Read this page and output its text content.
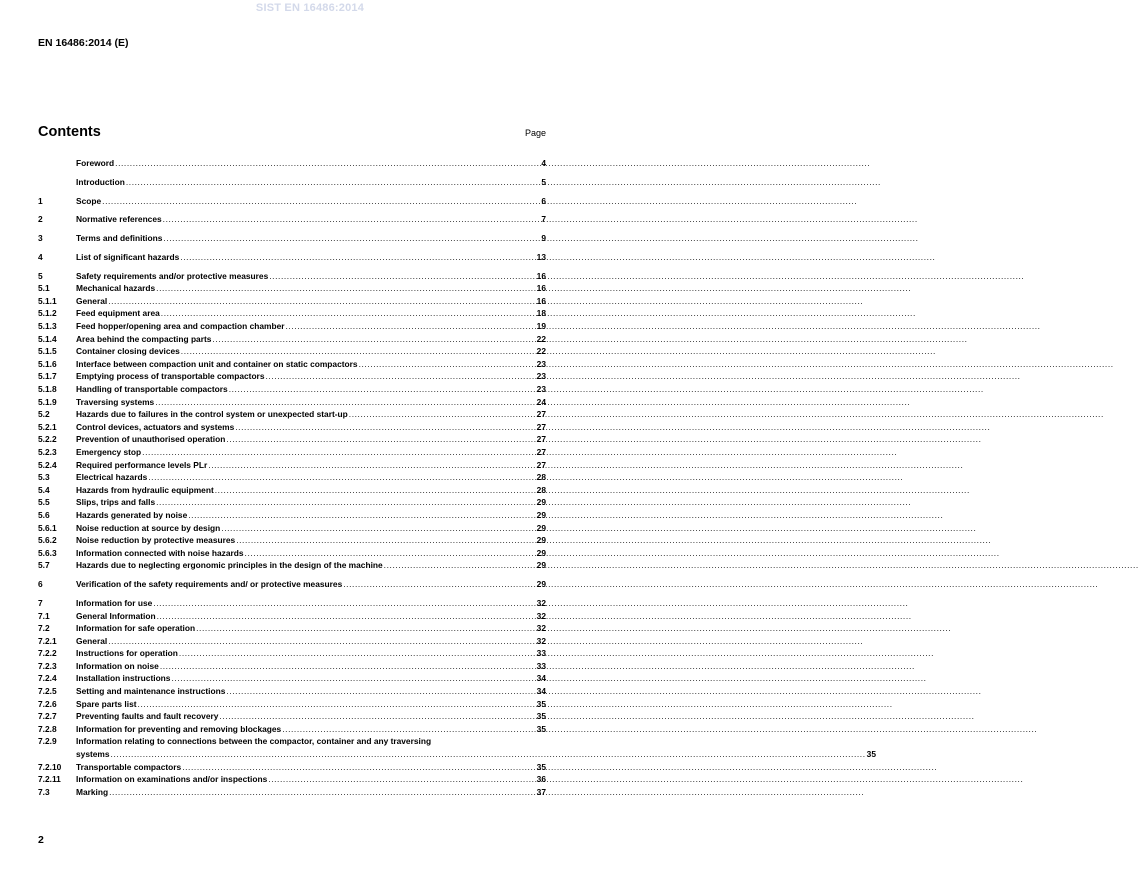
SIST EN 16486:2014
EN 16486:2014 (E)
Contents	Page
Foreword .....	4
Introduction .....	5
1	Scope .....	6
2	Normative references .....	7
3	Terms and definitions .....	9
4	List of significant hazards .....	13
5	Safety requirements and/or protective measures .....	16
5.1	Mechanical hazards .....	16
5.1.1	General .....	16
5.1.2	Feed equipment area .....	18
5.1.3	Feed hopper/opening area and compaction chamber .....	19
5.1.4	Area behind the compacting parts .....	22
5.1.5	Container closing devices .....	22
5.1.6	Interface between compaction unit and container on static compactors .....	23
5.1.7	Emptying process of transportable compactors .....	23
5.1.8	Handling of transportable compactors .....	23
5.1.9	Traversing systems .....	24
5.2	Hazards due to failures in the control system or unexpected start-up .....	27
5.2.1	Control devices, actuators and systems .....	27
5.2.2	Prevention of unauthorised operation .....	27
5.2.3	Emergency stop .....	27
5.2.4	Required performance levels PLr .....	27
5.3	Electrical hazards .....	28
5.4	Hazards from hydraulic equipment .....	28
5.5	Slips, trips and falls .....	29
5.6	Hazards generated by noise .....	29
5.6.1	Noise reduction at source by design .....	29
5.6.2	Noise reduction by protective measures .....	29
5.6.3	Information connected with noise hazards .....	29
5.7	Hazards due to neglecting ergonomic principles in the design of the machine .....	29
6	Verification of the safety requirements and/ or protective measures .....	29
7	Information for use .....	32
7.1	General Information .....	32
7.2	Information for safe operation .....	32
7.2.1	General .....	32
7.2.2	Instructions for operation .....	33
7.2.3	Information on noise .....	33
7.2.4	Installation instructions .....	34
7.2.5	Setting and maintenance instructions .....	34
7.2.6	Spare parts list .....	35
7.2.7	Preventing faults and fault recovery .....	35
7.2.8	Information for preventing and removing blockages .....	35
7.2.9	Information relating to connections between the compactor, container and any traversing
systems .....	35
7.2.10	Transportable compactors .....	35
7.2.11	Information on examinations and/or inspections .....	36
7.3	Marking .....	37
2
